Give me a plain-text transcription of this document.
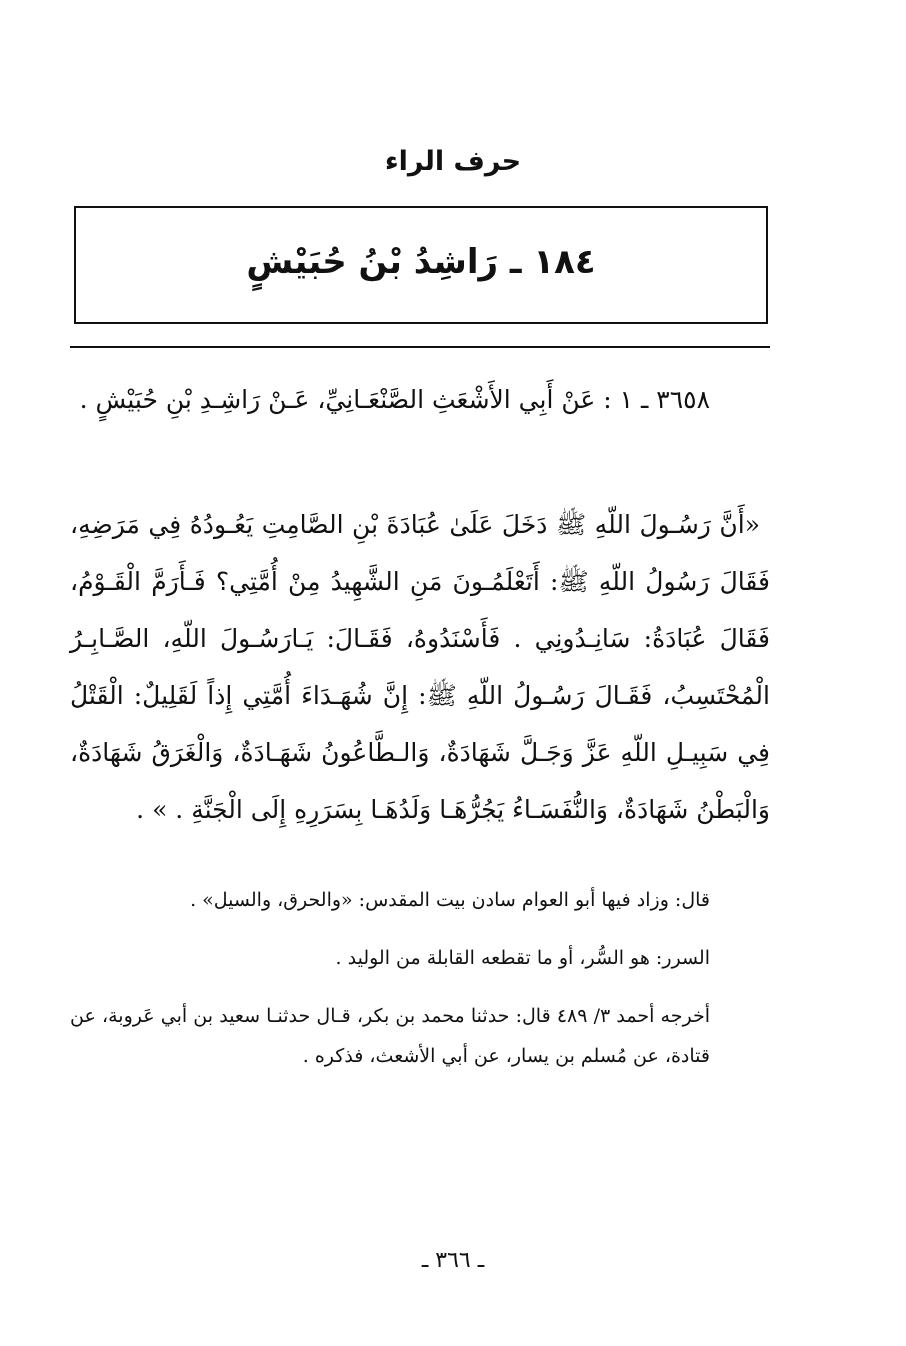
حرف الراء
١٨٤ ـ رَاشِدُ بْنُ حُبَيْشٍ
٣٦٥٨ ـ ١ : عَنْ أَبِي الأَشْعَثِ الصَّنْعَـانِيِّ، عَـنْ رَاشِـدِ بْنِ حُبَيْشٍ .
«أَنَّ رَسُـولَ اللّهِ ﷺ دَخَلَ عَلَىٰ عُبَادَةَ بْنِ الصَّامِتِ يَعُـودُهُ فِي مَرَضِهِ، فَقَالَ رَسُولُ اللّهِ ﷺ: أَتَعْلَمُـونَ مَنِ الشَّهِيدُ مِنْ أُمَّتِي؟ فَـأَرَمَّ الْقَـوْمُ، فَقَالَ عُبَادَةُ: سَانِـدُونِي . فَأَسْنَدُوهُ، فَقَـالَ: يَـارَسُـولَ اللّهِ، الصَّـابِـرُ الْمُحْتَسِبُ، فَقَـالَ رَسُـولُ اللّهِ ﷺ: إِنَّ شُهَـدَاءَ أُمَّتِي إِذاً لَقَلِيلٌ: الْقَتْلُ فِي سَبِيـلِ اللّهِ عَزَّ وَجَـلَّ شَهَادَةٌ، وَالـطَّاعُونُ شَهَـادَةٌ، وَالْغَرَقُ شَهَادَةٌ، وَالْبَطْنُ شَهَادَةٌ، وَالنُّفَسَـاءُ يَجُرُّهَـا وَلَدُهَـا بِسَرَرِهِ إِلَى الْجَنَّةِ . » .
قال: وزاد فيها أبو العوام سادن بيت المقدس: «والحرق، والسيل» .
السرر: هو السُّر، أو ما تقطعه القابلة من الوليد .
أخرجه أحمد ٣/ ٤٨٩ قال: حدثنا محمد بن بكر، قـال حدثنـا سعيد بن أبي عَروبة، عن قتادة، عن مُسلم بن يسار، عن أبي الأشعث، فذكره .
ـ ٣٦٦ ـ
